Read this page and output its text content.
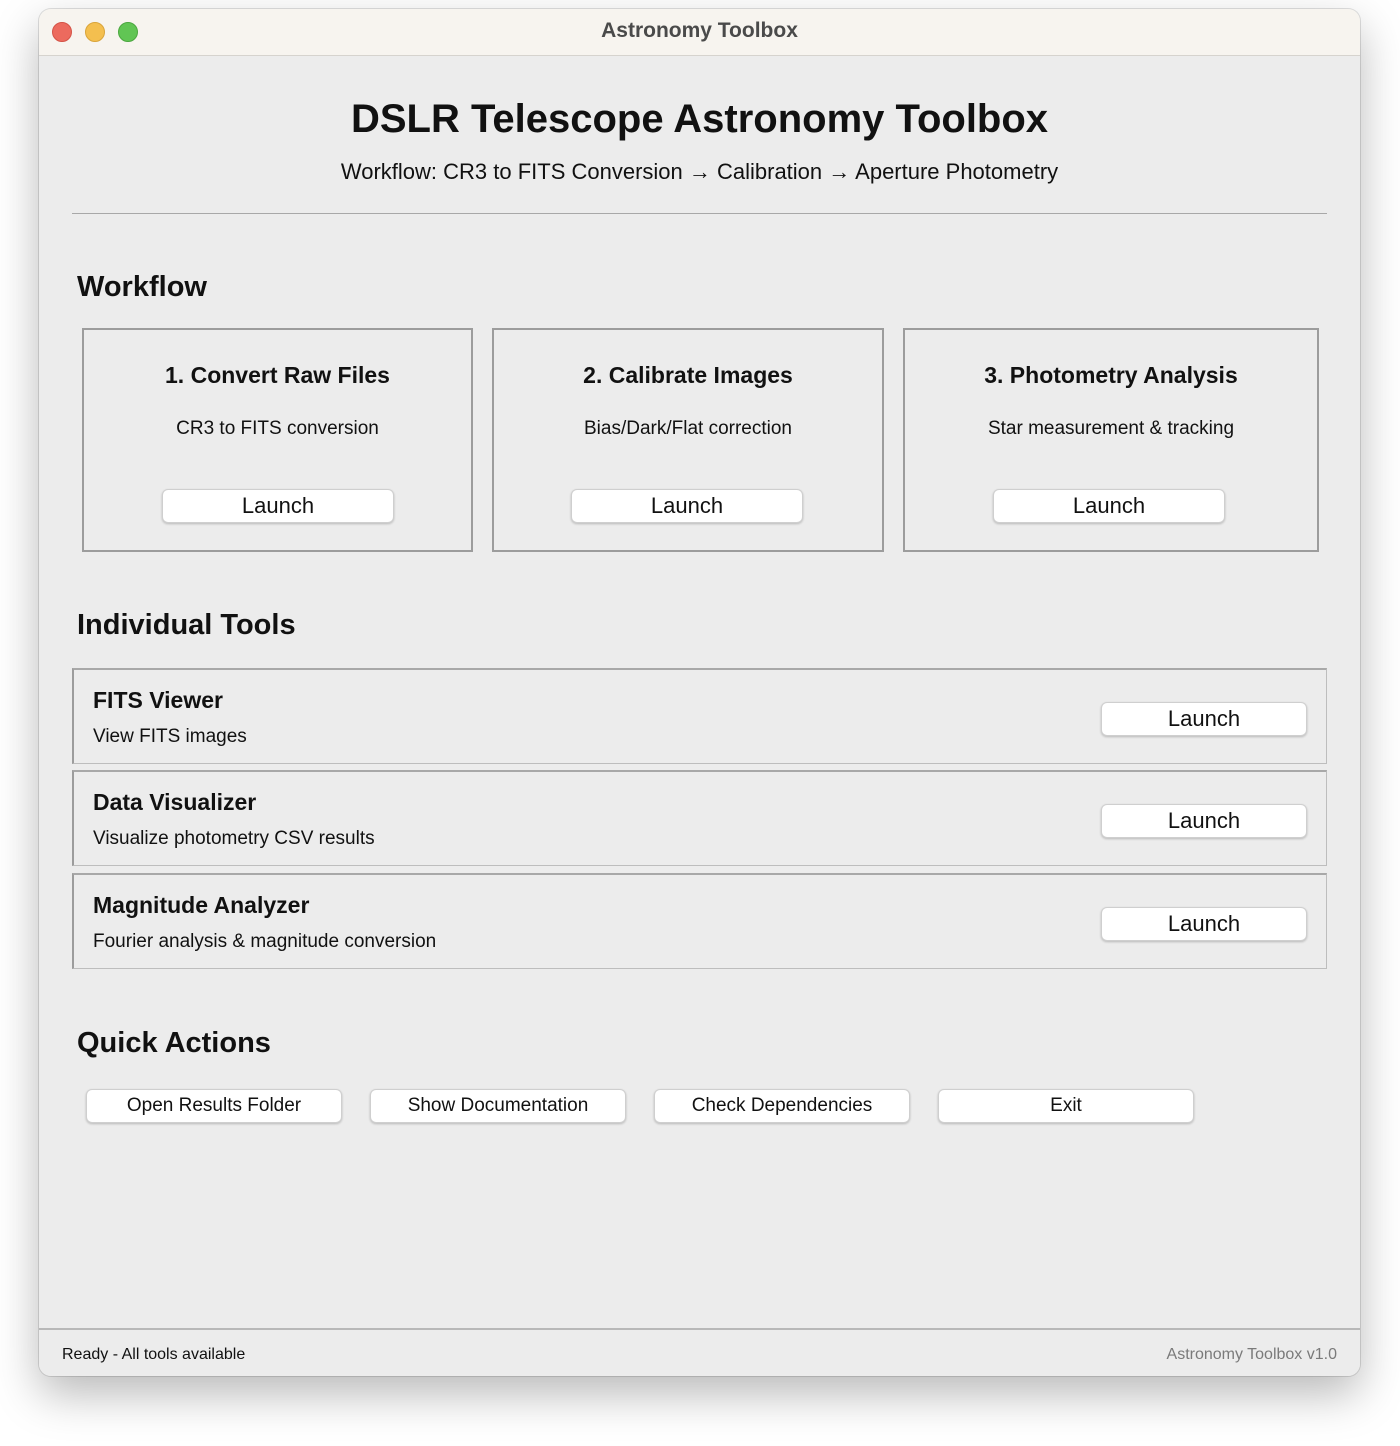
Astronomy Toolbox
DSLR Telescope Astronomy Toolbox
Workflow: CR3 to FITS Conversion → Calibration → Aperture Photometry
Workflow
1. Convert Raw Files
CR3 to FITS conversion
Launch
2. Calibrate Images
Bias/Dark/Flat correction
Launch
3. Photometry Analysis
Star measurement & tracking
Launch
Individual Tools
FITS Viewer
View FITS images
Launch
Data Visualizer
Visualize photometry CSV results
Launch
Magnitude Analyzer
Fourier analysis & magnitude conversion
Launch
Quick Actions
Open Results Folder	Show Documentation	Check Dependencies	Exit
Ready - All tools available	Astronomy Toolbox v1.0
